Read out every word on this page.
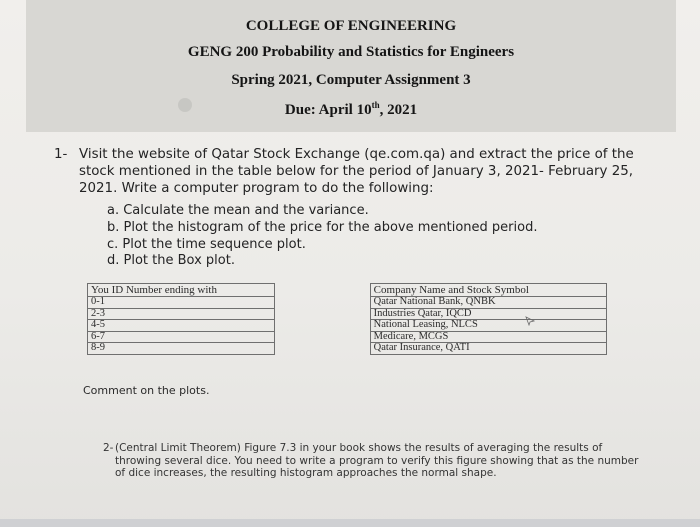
COLLEGE OF ENGINEERING
GENG 200 Probability and Statistics for Engineers
Spring 2021, Computer Assignment 3
Due: April 10th, 2021
1- Visit the website of Qatar Stock Exchange (qe.com.qa) and extract the price of the stock mentioned in the table below for the period of January 3, 2021- February 25, 2021. Write a computer program to do the following:
a. Calculate the mean and the variance.
b. Plot the histogram of the price for the above mentioned period.
c. Plot the time sequence plot.
d. Plot the Box plot.
You ID Number ending with		Company Name and Stock Symbol
0-1		Qatar National Bank, QNBK
2-3		Industries Qatar, IQCD
4-5		National Leasing, NLCS
6-7		Medicare, MCGS
8-9		Qatar Insurance, QATI
Comment on the plots.
2- (Central Limit Theorem) Figure 7.3 in your book shows the results of averaging the results of throwing several dice. You need to write a program to verify this figure showing that as the number of dice increases, the resulting histogram approaches the normal shape.
